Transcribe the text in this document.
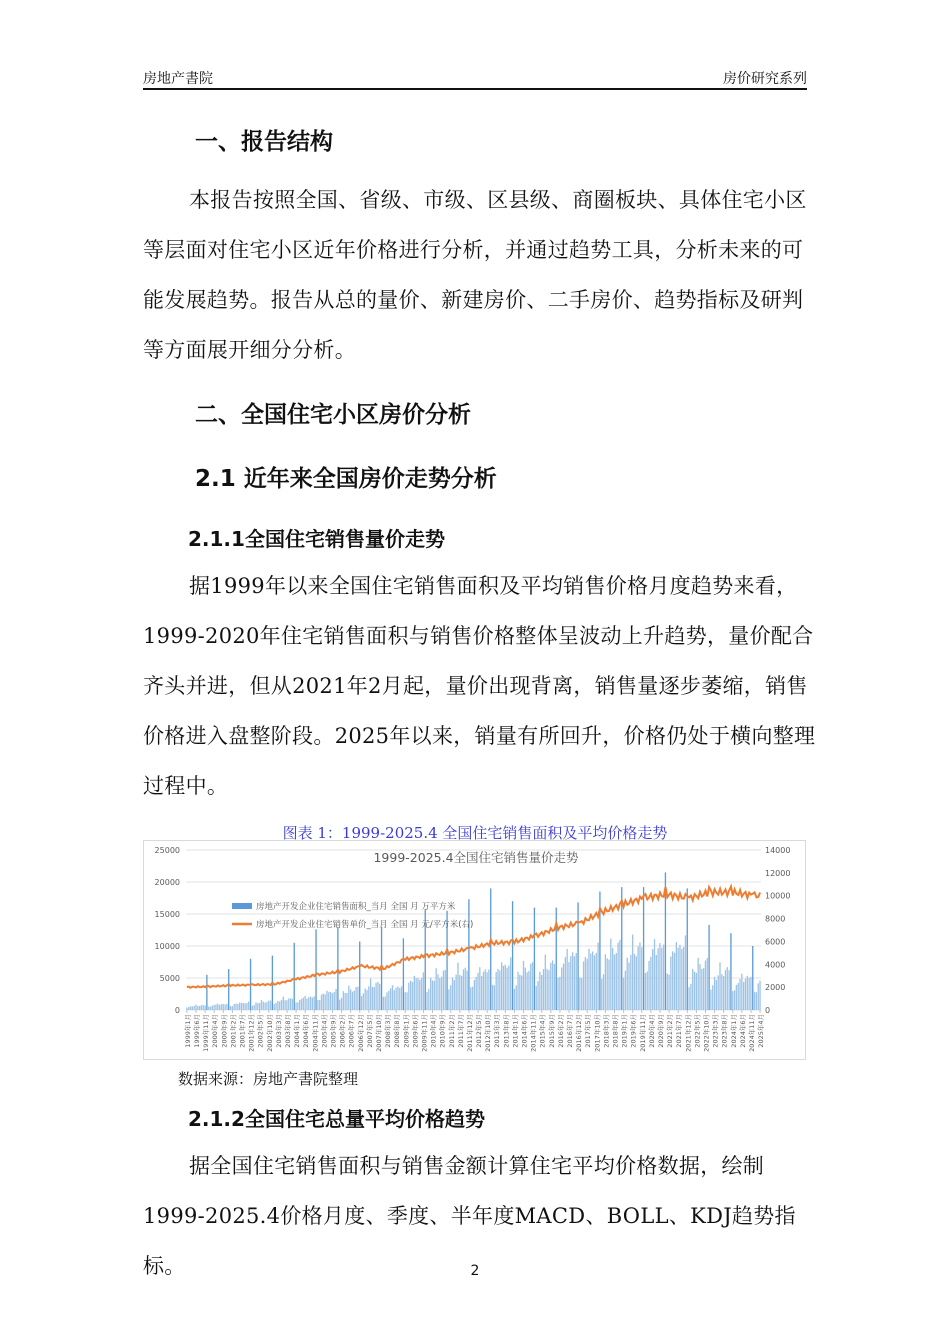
房地产書院	房价研究系列
一、报告结构

本报告按照全国、省级、市级、区县级、商圈板块、具体住宅小区等层面对住宅小区近年价格进行分析，并通过趋势工具，分析未来的可能发展趋势。报告从总的量价、新建房价、二手房价、趋势指标及研判等方面展开细分分析。

二、全国住宅小区房价分析
2.1 近年来全国房价走势分析
2.1.1全国住宅销售量价走势

据1999年以来全国住宅销售面积及平均销售价格月度趋势来看，1999-2020年住宅销售面积与销售价格整体呈波动上升趋势，量价配合齐头并进，但从2021年2月起，量价出现背离，销售量逐步萎缩，销售价格进入盘整阶段。2025年以来，销量有所回升，价格仍处于横向整理过程中。

图表 1：1999-2025.4 全国住宅销售面积及平均价格走势
0
5000
10000
15000
20000
25000
0
2000
4000
6000
8000
10000
12000
14000
1999年1月 1999年6月 1999年11月 2000年4月 2000年9月 2001年2月 2001年7月 2001年12月 2002年5月 2002年10月 2003年3月 2003年8月 2004年1月 2004年6月 2004年11月 2005年4月 2005年9月 2006年2月 2006年7月 2006年12月 2007年5月 2007年10月 2008年3月 2008年8月 2009年1月 2009年6月 2009年11月 2010年4月 2010年9月 2011年2月 2011年7月 2011年12月 2012年5月 2012年10月 2013年3月 2013年8月 2014年1月 2014年6月 2014年11月 2015年4月 2015年9月 2016年2月 2016年7月 2016年12月 2017年5月 2017年10月 2018年3月 2018年8月 2019年1月 2019年6月 2019年11月 2020年4月 2020年9月 2021年2月 2021年7月 2021年12月 2022年5月 2022年10月 2023年3月 2023年8月 2024年1月 2024年6月 2024年11月 2025年4月
1999-2025.4全国住宅销售量价走势
房地产开发企业住宅销售面积_当月 全国 月 万平方米
房地产开发企业住宅销售单价_当月 全国 月 元/平方米(右)
数据来源：房地产書院整理
2.1.2全国住宅总量平均价格趋势

据全国住宅销售面积与销售金额计算住宅平均价格数据，绘制1999-2025.4价格月度、季度、半年度MACD、BOLL、KDJ趋势指标。	2
